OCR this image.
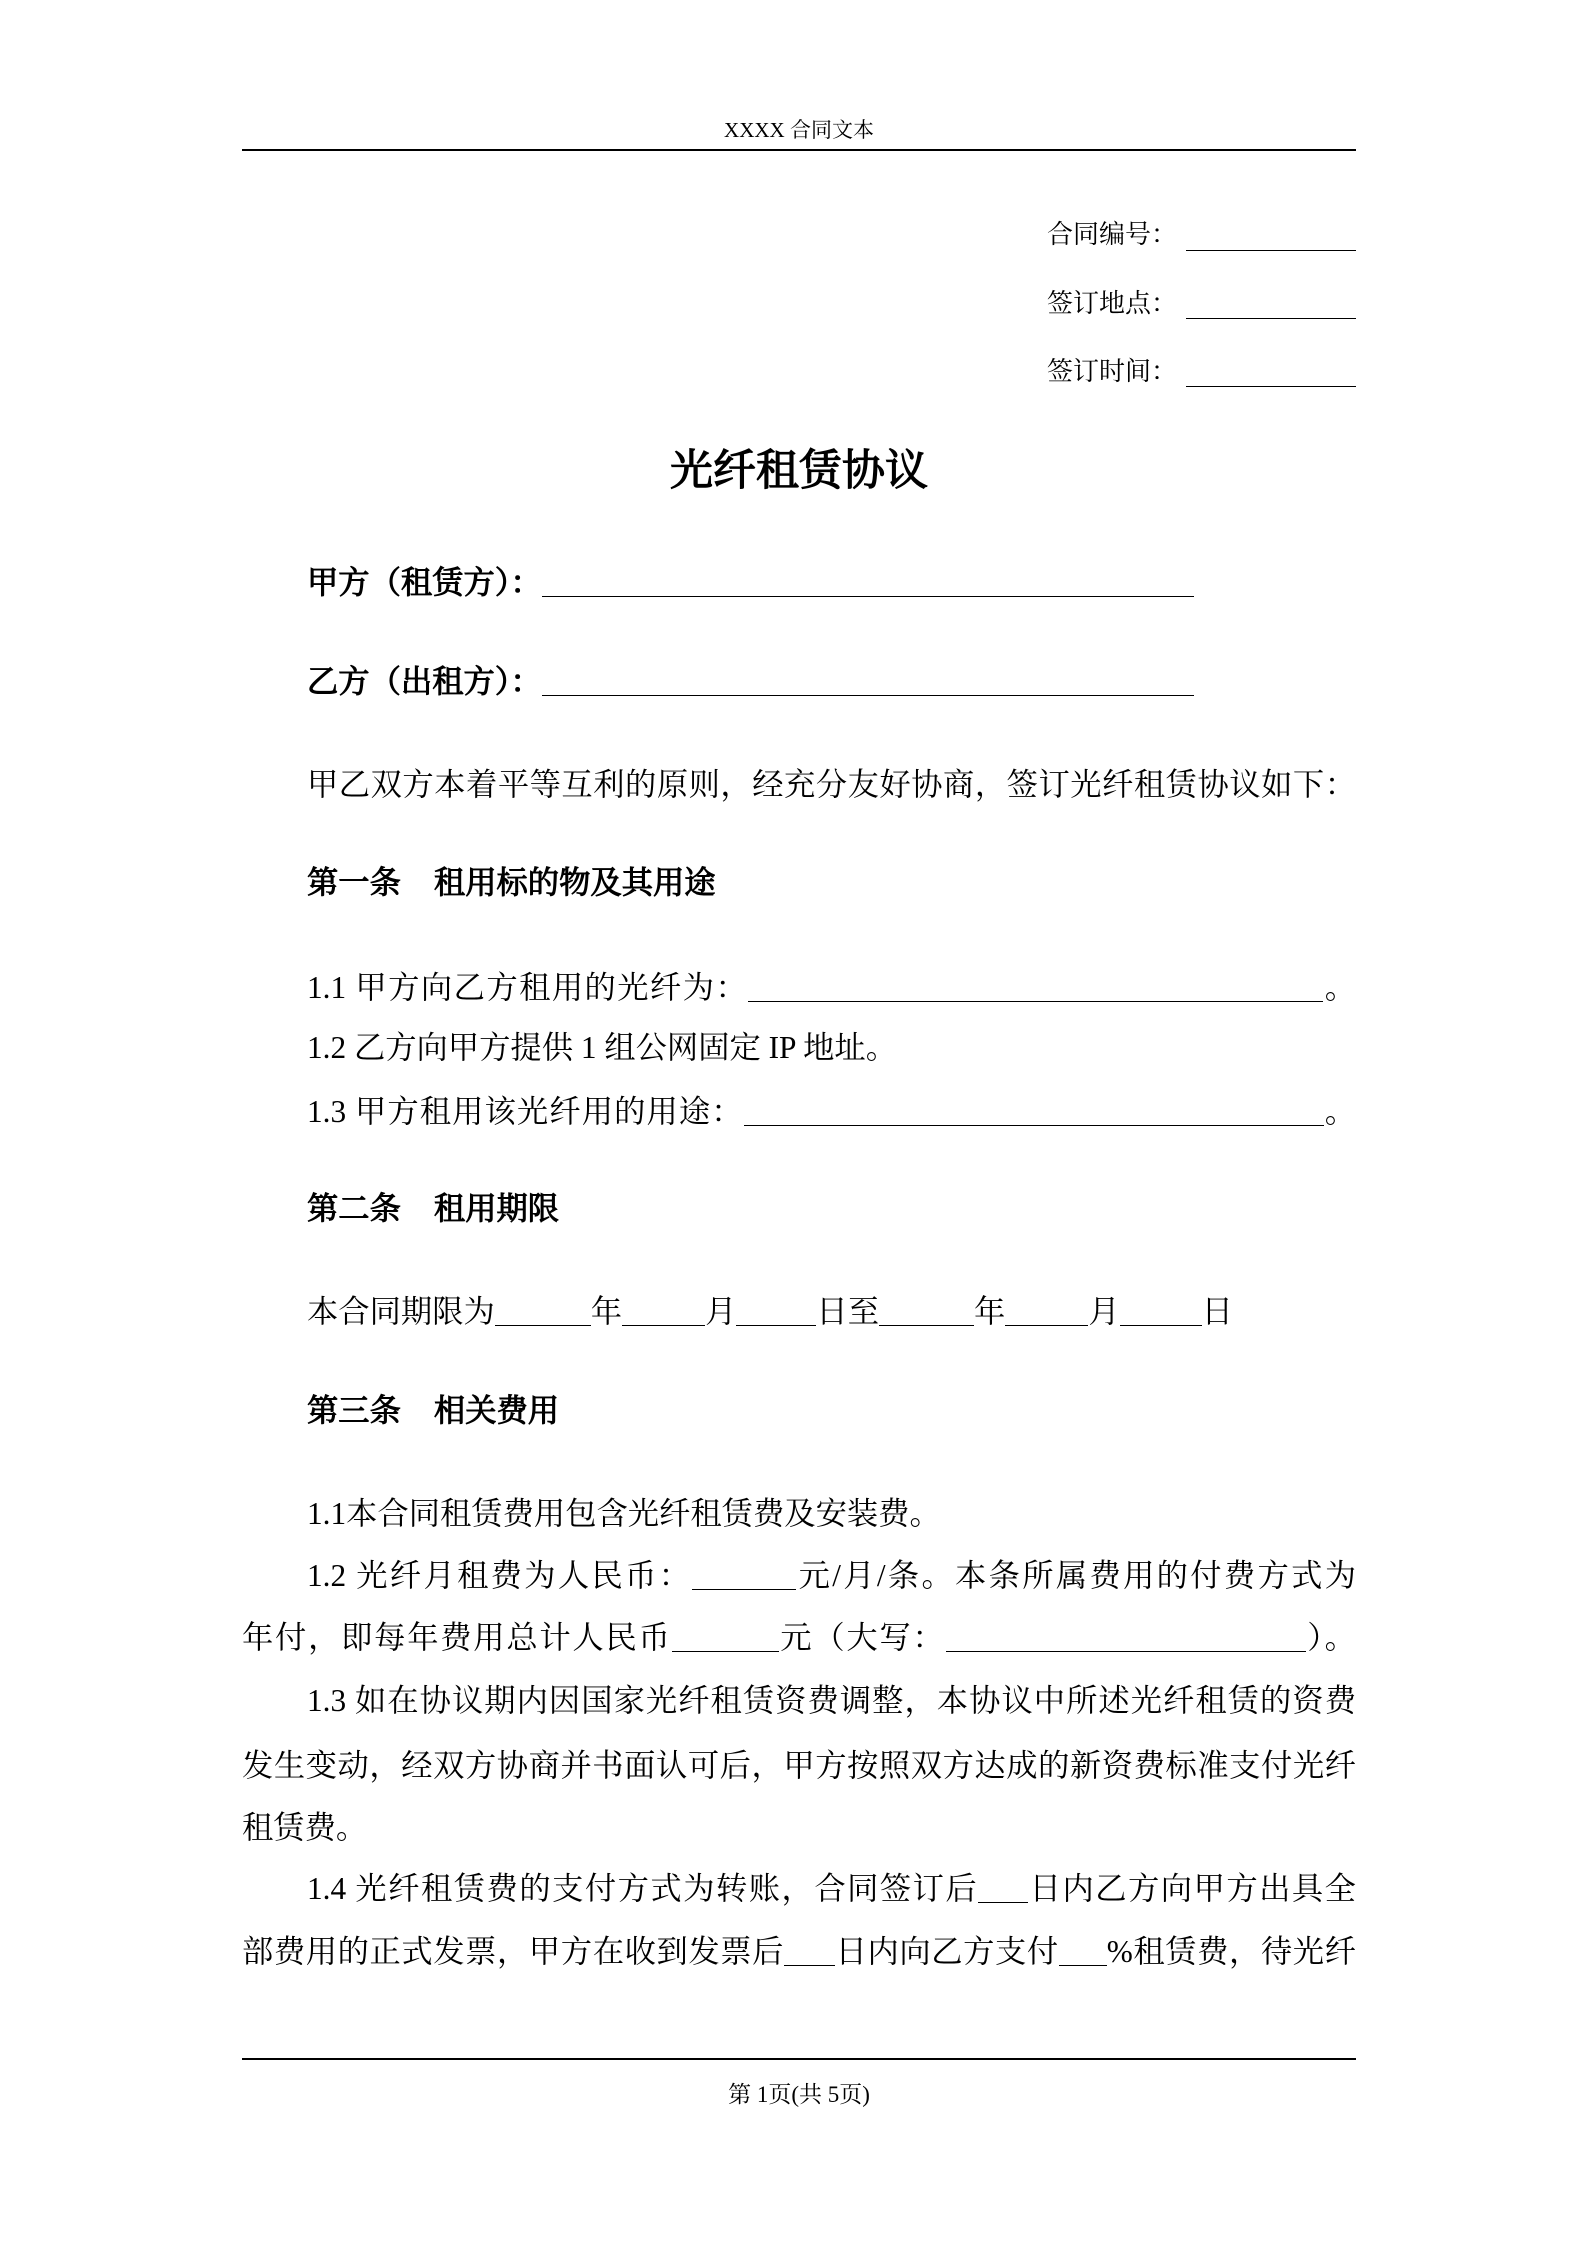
XXXX 合同文本
合同编号：
签订地点：
签订时间：
光纤租赁协议
甲方（租赁方）：
乙方（出租方）：
甲乙双方本着平等互利的原则，经充分友好协商，签订光纤租赁协议如下：
第一条 租用标的物及其用途
1.1 甲方向乙方租用的光纤为：	。
1.2 乙方向甲方提供 1 组公网固定 IP 地址。
1.3 甲方租用该光纤用的用途：	。
第二条 租用期限
本合同期限为	年	月	日至	年	月	日
第三条 相关费用
1.1本合同租赁费用包含光纤租赁费及安装费。
1.2 光纤月租费为人民币：	元/月/条。本条所属费用的付费方式为
年付，即每年费用总计人民币	元（大写：	）。
1.3 如在协议期内因国家光纤租赁资费调整，本协议中所述光纤租赁的资费
发生变动，经双方协商并书面认可后，甲方按照双方达成的新资费标准支付光纤
租赁费。
1.4 光纤租赁费的支付方式为转账，合同签订后 日内乙方向甲方出具全
部费用的正式发票，甲方在收到发票后 日内向乙方支付 %租赁费，待光纤
第 1页(共 5页)
